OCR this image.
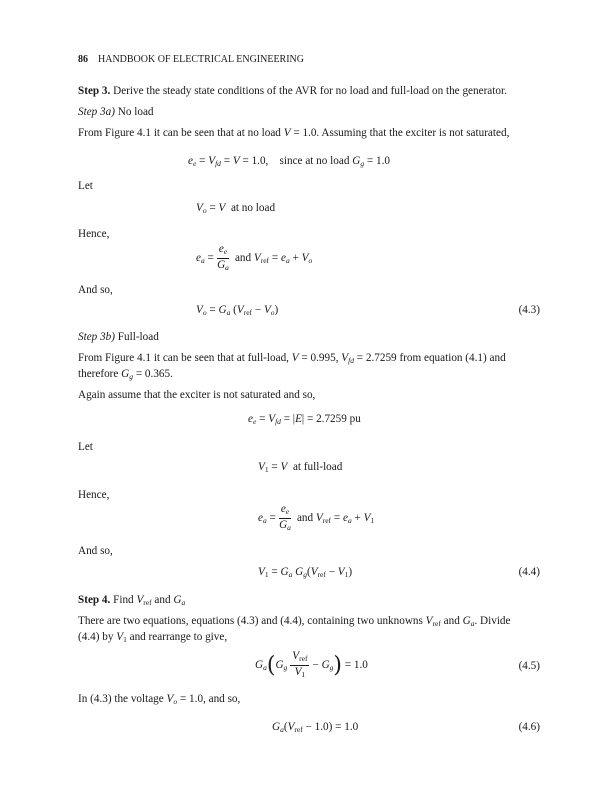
86 HANDBOOK OF ELECTRICAL ENGINEERING
Step 3. Derive the steady state conditions of the AVR for no load and full-load on the generator.
Step 3a) No load
From Figure 4.1 it can be seen that at no load V = 1.0. Assuming that the exciter is not saturated,
$e_e = V_{fd} = V = 1.0$,    since at no load $G_g = 1.0$
Let
$V_o = V$ at no load
Hence,
$e_a = \frac{e_e}{G_a}$ and $V_{ref} = e_a + V_o$
And so,
$V_o = G_a$ $(V_{ref} - V_o)$	(4.3)
Step 3b) Full-load
From Figure 4.1 it can be seen that at full-load, V = 0.995, $V_{fd} = 2.7259$ from equation (4.1) and
therefore $G_g = 0.365$.
Again assume that the exciter is not saturated and so,
$e_e = V_{fd} = |E| = 2.7259$ pu
Let
$V_1 = V$ at full-load
Hence,
$e_a = \frac{e_e}{G_a}$ and $V_{ref} = e_a + V_1$
And so,
$V_1 = G_a$ $G_g(V_{ref} - V_1)$	(4.4)
Step 4. Find $V_{ref}$ and $G_a$
There are two equations, equations (4.3) and (4.4), containing two unknowns $V_{ref}$ and $G_a$. Divide
(4.4) by $V_1$ and rearrange to give,
$G_a(G_g \frac{V_{ref}}{V_1} - G_g) = 1.0$	(4.5)
In (4.3) the voltage $V_o = 1.0$, and so,
$G_a(V_{ref} - 1.0) = 1.0$	(4.6)
